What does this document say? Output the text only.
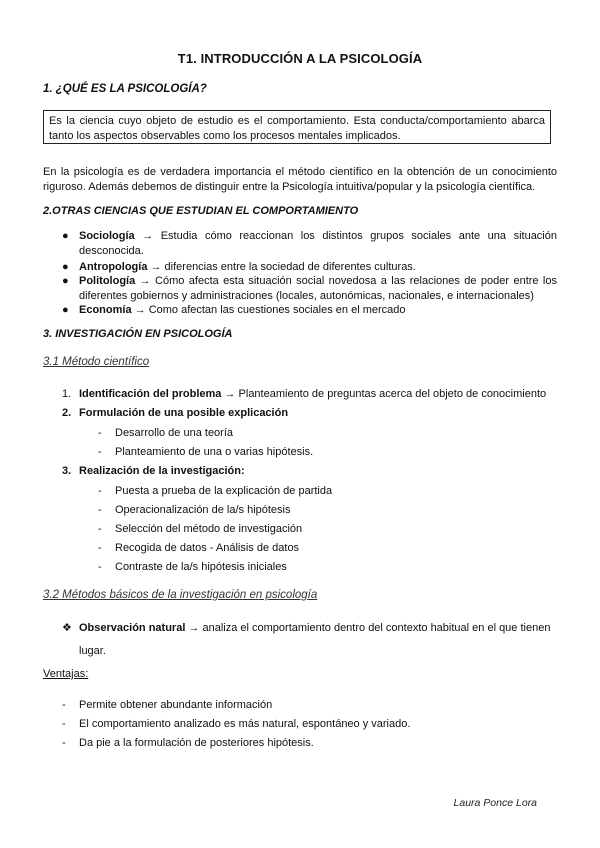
T1. INTRODUCCIÓN A LA PSICOLOGÍA
1. ¿QUÉ ES LA PSICOLOGÍA?
Es la ciencia cuyo objeto de estudio es el comportamiento. Esta conducta/comportamiento abarca tanto los aspectos observables como los procesos mentales implicados.
En la psicología es de verdadera importancia el método científico en la obtención de un conocimiento riguroso. Además debemos de distinguir entre la Psicología intuitiva/popular y la psicología científica.
2.OTRAS CIENCIAS QUE ESTUDIAN EL COMPORTAMIENTO
● Sociología → Estudia cómo reaccionan los distintos grupos sociales ante una situación desconocida.
● Antropología → diferencias entre la sociedad de diferentes culturas.
● Politología → Cómo afecta esta situación social novedosa a las relaciones de poder entre los diferentes gobiernos y administraciones (locales, autonómicas, nacionales, e internacionales)
● Economía → Como afectan las cuestiones sociales en el mercado
3. INVESTIGACIÓN EN PSICOLOGÍA
3.1 Método científico
1. Identificación del problema → Planteamiento de preguntas acerca del objeto de conocimiento
2. Formulación de una posible explicación
- Desarrollo de una teoría
- Planteamiento de una o varias hipótesis.
3. Realización de la investigación:
- Puesta a prueba de la explicación de partida
- Operacionalización de la/s hipótesis
- Selección del método de investigación
- Recogida de datos - Análisis de datos
- Contraste de la/s hipótesis iniciales
3.2 Métodos básicos de la investigación en psicología
❖ Observación natural → analiza el comportamiento dentro del contexto habitual en el que tienen lugar.
Ventajas:
- Permite obtener abundante información
- El comportamiento analizado es más natural, espontáneo y variado.
- Da pie a la formulación de posteriores hipótesis.
Laura Ponce Lora
